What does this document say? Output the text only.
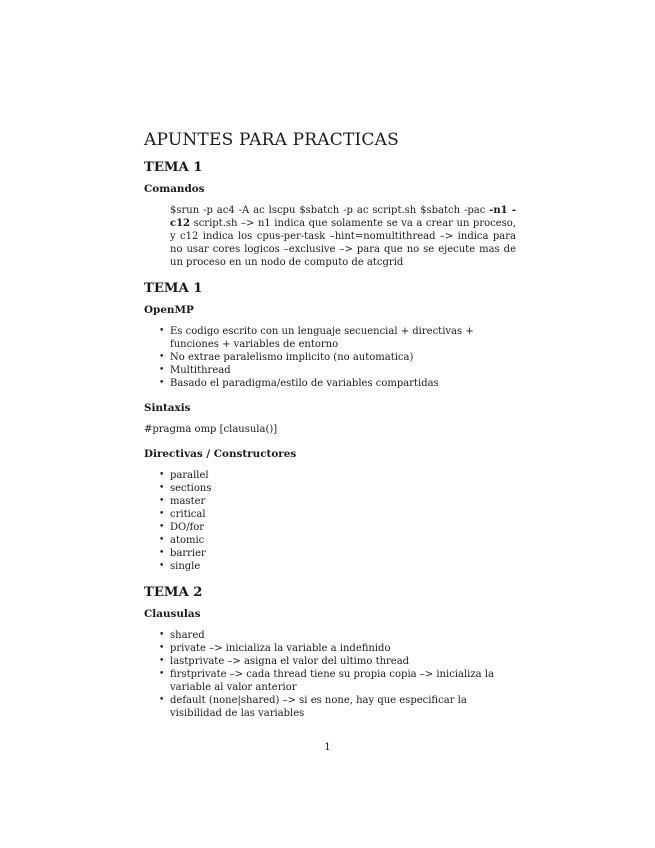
APUNTES PARA PRACTICAS
TEMA 1
Comandos

$srun -p ac4 -A ac lscpu $sbatch -p ac script.sh $sbatch -pac -n1 -c12 script.sh –> n1 indica que solamente se va a crear un proceso, y c12 indica los cpus-per-task –hint=nomultithread –> indica para no usar cores logicos –exclusive –> para que no se ejecute mas de un proceso en un nodo de computo de atcgrid

TEMA 1
OpenMP
• Es codigo escrito con un lenguaje secuencial + directivas + funciones + variables de entorno
• No extrae paralelismo implicito (no automatica)
• Multithread
• Basado el paradigma/estilo de variables compartidas
Sintaxis

#pragma omp [clausula()]

Directivas / Constructores
• parallel
• sections
• master
• critical
• DO/for
• atomic
• barrier
• single
TEMA 2
Clausulas
• shared
• private –> inicializa la variable a indefinido
• lastprivate –> asigna el valor del ultimo thread
• firstprivate –> cada thread tiene su propia copia –> inicializa la variable al valor anterior
• default (none|shared) –> si es none, hay que especificar la visibilidad de las variables
1
